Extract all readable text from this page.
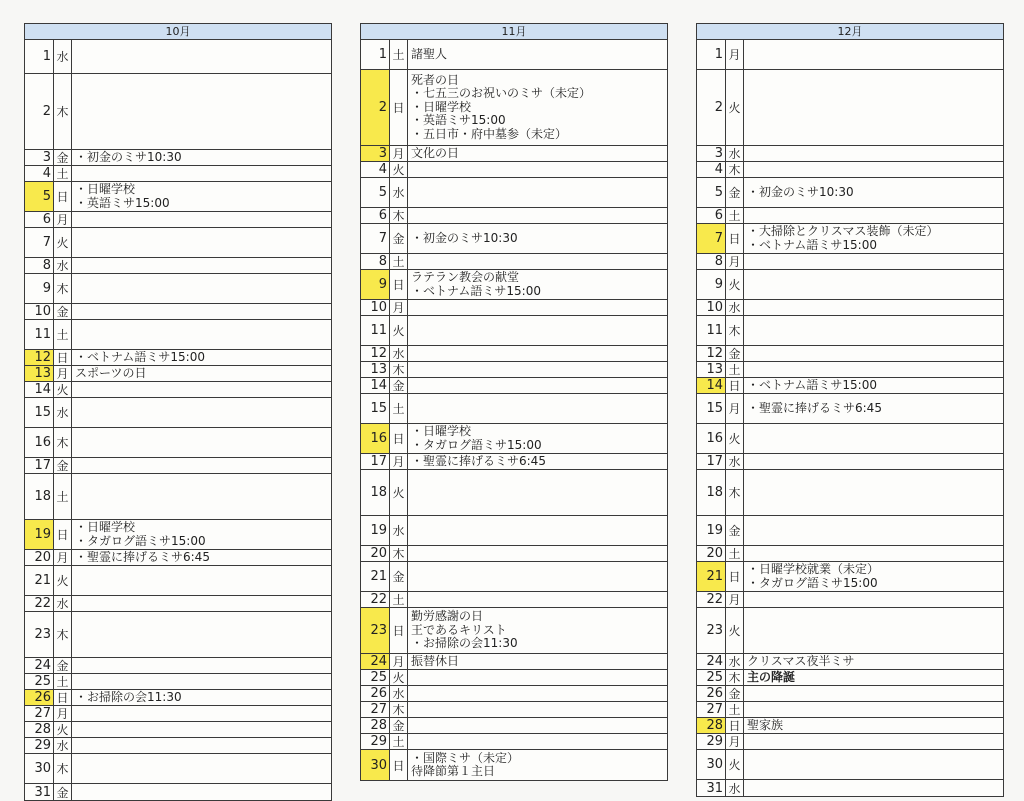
10月
1 水
2 木
3 金 ・初金のミサ10:30
4 土
5 日
・日曜学校
・英語ミサ15:00
6 月
7 火
8 水
9 木
10 金
11 土
12 日 ・ベトナム語ミサ15:00
13 月 スポーツの日
14 火
15 水
16 木
17 金
18 土
19 日
・日曜学校
・タガログ語ミサ15:00
20 月 ・聖霊に捧げるミサ6:45
21 火
22 水
23 木
24 金
25 土
26 日 ・お掃除の会11:30
27 月
28 火
29 水
30 木
31 金
11月
1 土 諸聖人
2 日
死者の日
・七五三のお祝いのミサ（未定）
・日曜学校
・英語ミサ15:00
・五日市・府中墓参（未定）
3 月 文化の日
4 火
5 水
6 木
7 金 ・初金のミサ10:30
8 土
9 日
ラテラン教会の献堂
・ベトナム語ミサ15:00
10 月
11 火
12 水
13 木
14 金
15 土
16 日
・日曜学校
・タガログ語ミサ15:00
17 月 ・聖霊に捧げるミサ6:45
18 火
19 水
20 木
21 金
22 土
23 日
勤労感謝の日
王であるキリスト
・お掃除の会11:30
24 月 振替休日
25 火
26 水
27 木
28 金
29 土
30 日
・国際ミサ（未定）
待降節第１主日
12月
1 月
2 火
3 水
4 木
5 金 ・初金のミサ10:30
6 土
7 日
・大掃除とクリスマス装飾（未定）
・ベトナム語ミサ15:00
8 月
9 火
10 水
11 木
12 金
13 土
14 日 ・ベトナム語ミサ15:00
15 月 ・聖霊に捧げるミサ6:45
16 火
17 水
18 木
19 金
20 土
21 日
・日曜学校就業（未定）
・タガログ語ミサ15:00
22 月
23 火
24 水 クリスマス夜半ミサ
25 木 主の降誕
26 金
27 土
28 日 聖家族
29 月
30 火
31 水
